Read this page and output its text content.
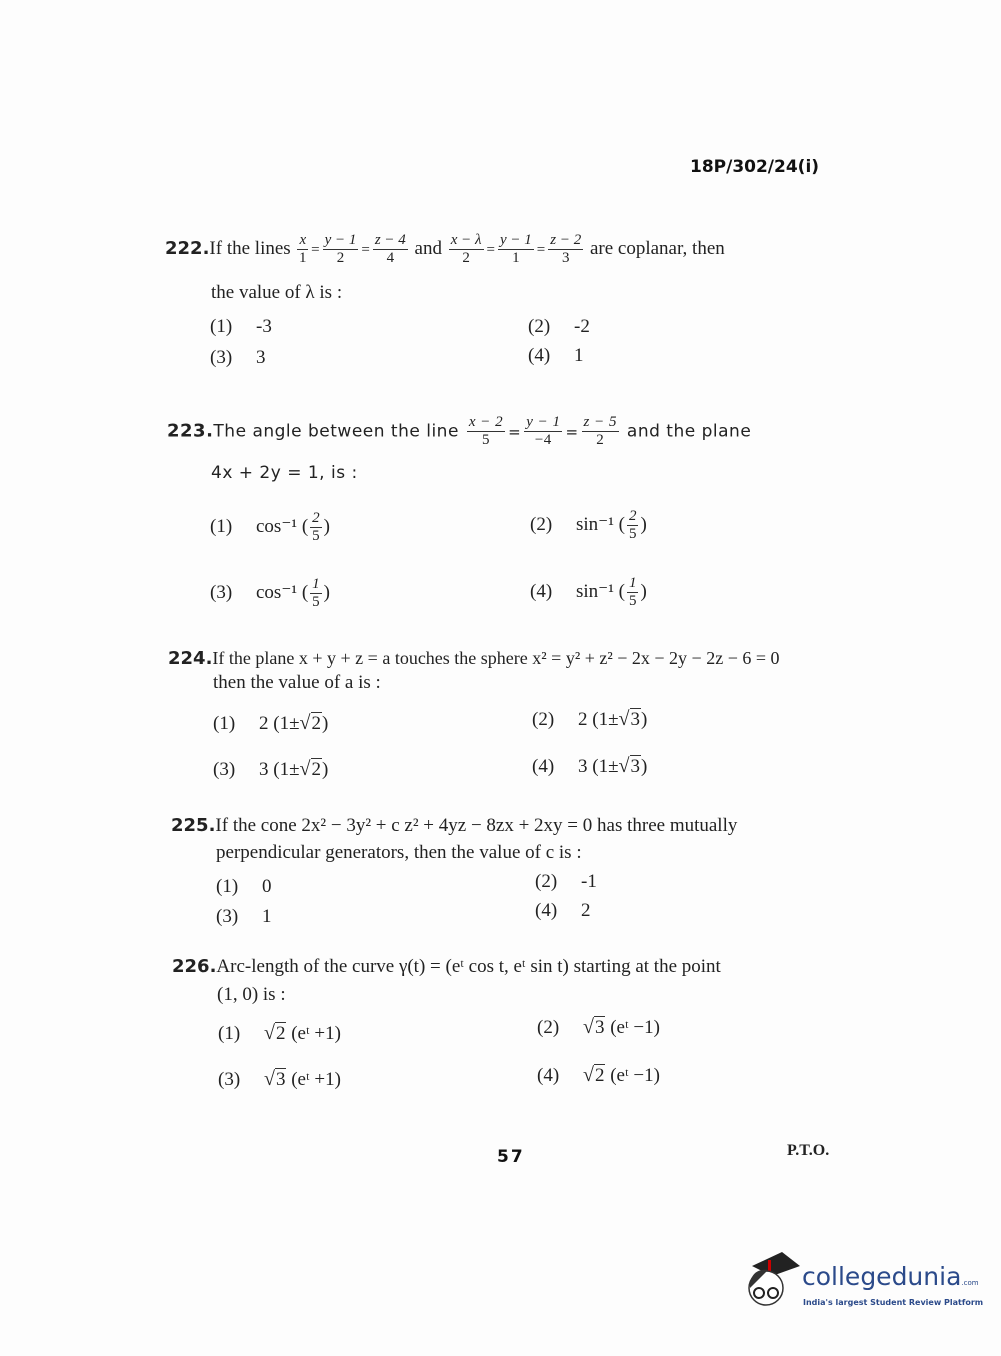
18P/302/24(i)
222.If the lines $\frac{x}{1} = \frac{y - 1}{2} = \frac{z - 4}{4}$ and $\frac{x - \lambda}{2} = \frac{y - 1}{1} = \frac{z - 2}{3}$ are coplanar, then
the value of λ is :
(1) -3	(2) -2
(3) 3	(4) 1
223.The angle between the line $\frac{x - 2}{5} = \frac{y - 1}{-4} = \frac{z - 5}{2}$ and the plane
4x + 2y = 1, is :
(1) cos⁻¹ ( $\frac{2}{5}$ )	(2) sin⁻¹ ( $\frac{2}{5}$ )
(3) cos⁻¹ ( $\frac{1}{5}$ )	(4) sin⁻¹ ( $\frac{1}{5}$ )
224.If the plane x + y + z = a touches the sphere x² = y² + z² − 2x − 2y − 2z − 6 = 0
then the value of a is :
(1) 2 (1±√2)	(2) 2 (1±√3)
(3) 3 (1±√2)	(4) 3 (1±√3)
225.If the cone 2x² − 3y² + c z² + 4yz − 8zx + 2xy = 0 has three mutually
perpendicular generators, then the value of c is :
(1) 0	(2) -1
(3) 1	(4) 2
226.Arc-length of the curve γ(t) = (eᵗ cos t, eᵗ sin t) starting at the point
(1, 0) is :
(1) √2 (eᵗ +1)	(2) √3 (eᵗ −1)
(3) √3 (eᵗ +1)	(4) √2 (eᵗ −1)
57	P.T.O.
collegedunia.com
India's largest Student Review Platform
